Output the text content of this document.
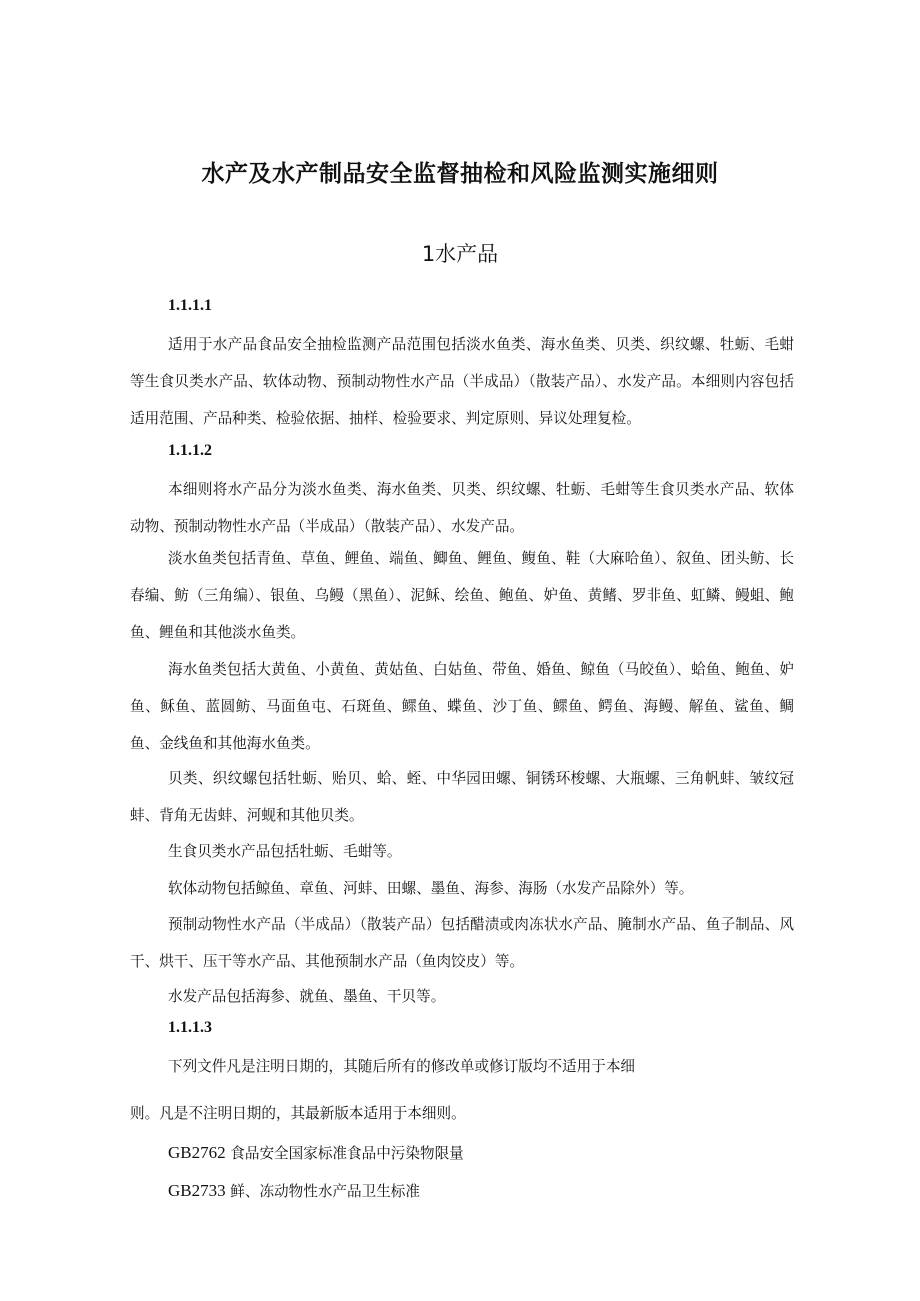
水产及水产制品安全监督抽检和风险监测实施细则
1水产品
1.1.1.1

适用于水产品食品安全抽检监测产品范围包括淡水鱼类、海水鱼类、贝类、织纹螺、牡蛎、毛蚶等生食贝类水产品、软体动物、预制动物性水产品（半成品）（散装产品）、水发产品。本细则内容包括适用范围、产品种类、检验依据、抽样、检验要求、判定原则、异议处理复检。

1.1.1.2

本细则将水产品分为淡水鱼类、海水鱼类、贝类、织纹螺、牡蛎、毛蚶等生食贝类水产品、软体动物、预制动物性水产品（半成品）（散装产品）、水发产品。

淡水鱼类包括青鱼、草鱼、鲤鱼、端鱼、鲫鱼、鲤鱼、鳆鱼、鞋（大麻哈鱼）、叙鱼、团头鲂、长春编、鲂（三角编）、银鱼、乌鳗（黑鱼）、泥稣、绘鱼、鲍鱼、妒鱼、黄鳍、罗非鱼、虹鳞、鳗蛆、鲍鱼、鲤鱼和其他淡水鱼类。

海水鱼类包括大黄鱼、小黄鱼、黄姑鱼、白姑鱼、带鱼、婚鱼、鲸鱼（马皎鱼）、蛤鱼、鲍鱼、妒鱼、稣鱼、蓝圆鲂、马面鱼屯、石斑鱼、鳏鱼、蝶鱼、沙丁鱼、鳏鱼、鳄鱼、海鳗、解鱼、鲨鱼、鲷鱼、金线鱼和其他海水鱼类。

贝类、织纹螺包括牡蛎、贻贝、蛤、蛭、中华园田螺、铜锈环梭螺、大瓶螺、三角帆蚌、皱纹冠蚌、背角无齿蚌、河蚬和其他贝类。

生食贝类水产品包括牡蛎、毛蚶等。

软体动物包括鲸鱼、章鱼、河蚌、田螺、墨鱼、海参、海肠（水发产品除外）等。

预制动物性水产品（半成品）（散装产品）包括醋渍或肉冻状水产品、腌制水产品、鱼子制品、风干、烘干、压干等水产品、其他预制水产品（鱼肉饺皮）等。

水发产品包括海参、就鱼、墨鱼、干贝等。

1.1.1.3

下列文件凡是注明日期的，其随后所有的修改单或修订版均不适用于本细

则。凡是不注明日期的，其最新版本适用于本细则。

GB2762 食品安全国家标准食品中污染物限量
GB2733 鲜、冻动物性水产品卫生标准
